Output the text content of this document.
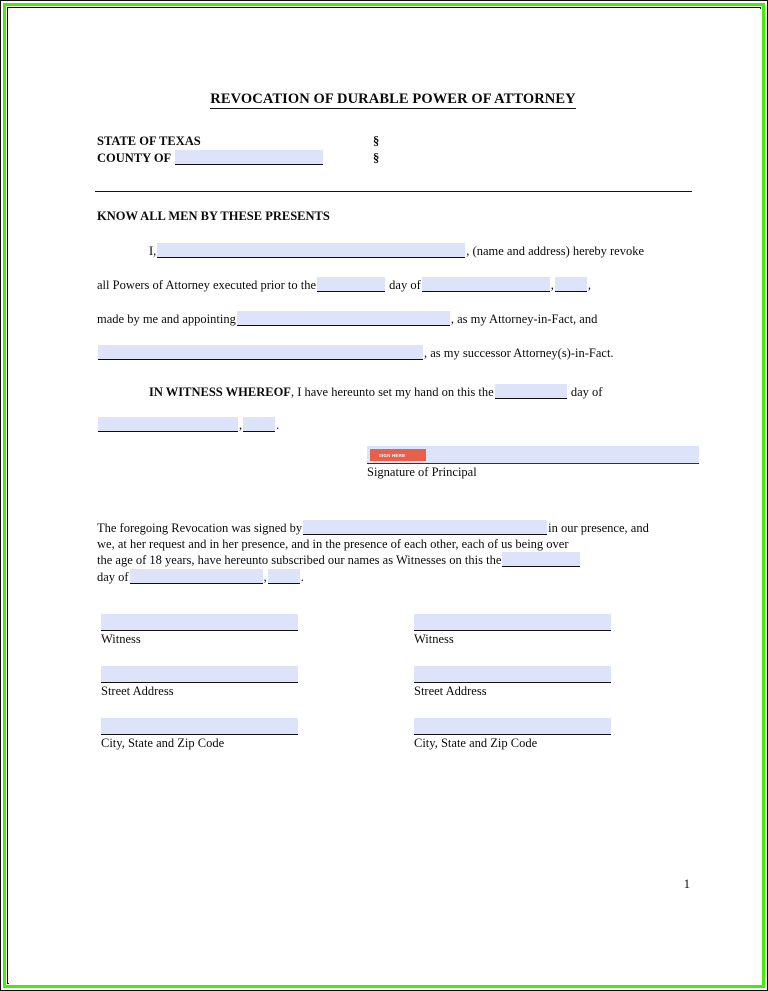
REVOCATION OF DURABLE POWER OF ATTORNEY
STATE OF TEXAS	§
COUNTY OF	§
KNOW ALL MEN BY THESE PRESENTS
I,	, (name and address) hereby revoke
all Powers of Attorney executed prior to the	day of	,	,
made by me and appointing	, as my Attorney-in-Fact, and
, as my successor Attorney(s)-in-Fact.
IN WITNESS WHEREOF, I have hereunto set my hand on this the	day of
,	.
SIGN HERE
Signature of Principal
The foregoing Revocation was signed by	in our presence, and
we, at her request and in her presence, and in the presence of each other, each of us being over
the age of 18 years, have hereunto subscribed our names as Witnesses on this the
day of	,	.
Witness	Witness
Street Address	Street Address
City, State and Zip Code	City, State and Zip Code
1
